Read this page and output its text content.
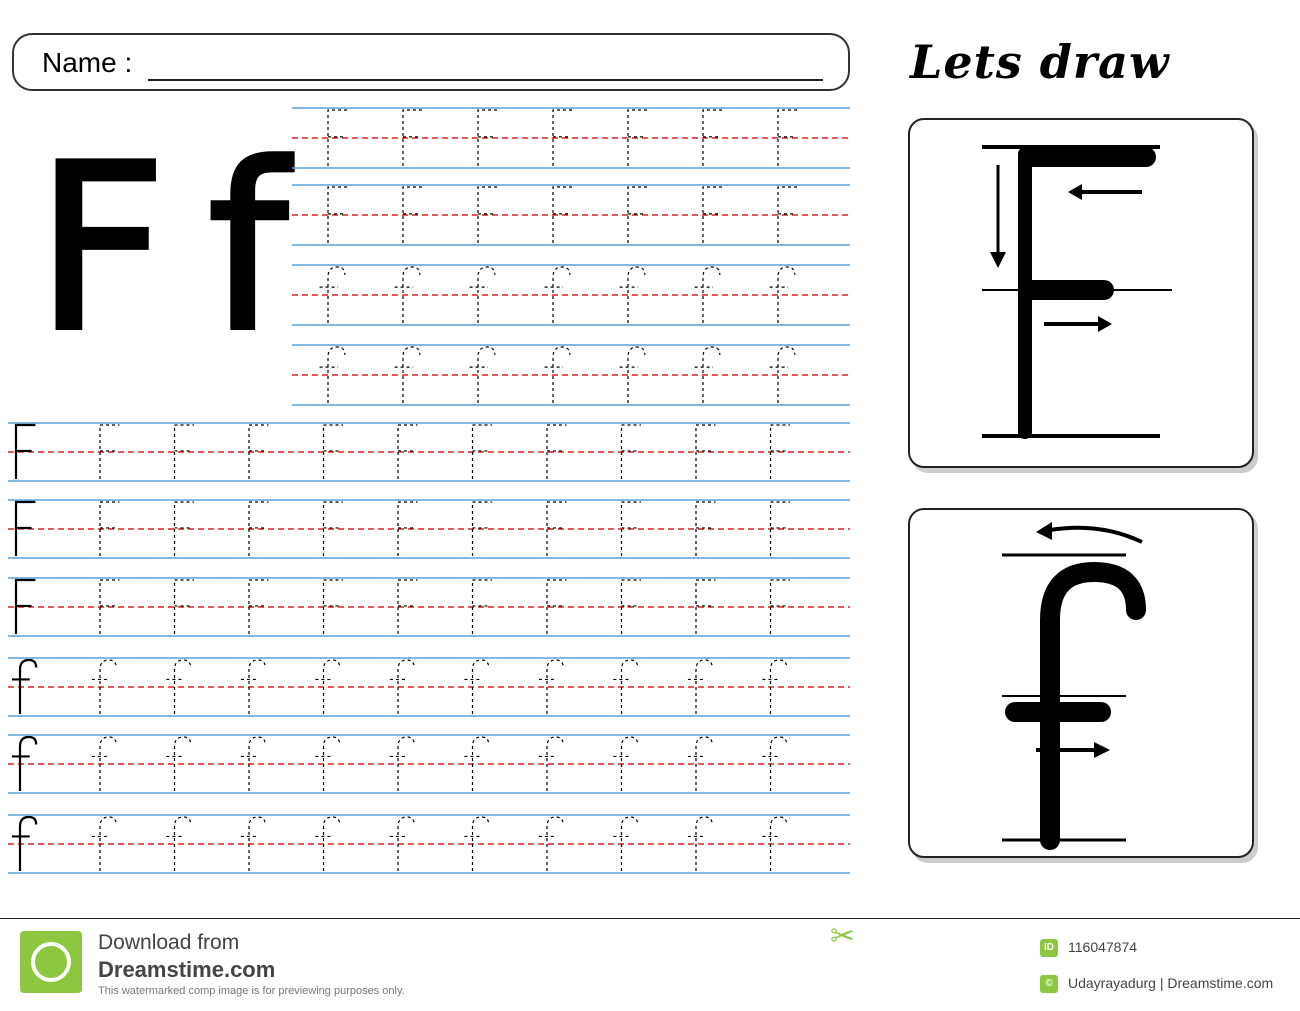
Name :	Lets draw
Ff
Download from
Dreamstime.com
This watermarked comp image is for previewing purposes only.
✂	ID 116047874
©	Udayrayadurg | Dreamstime.com
